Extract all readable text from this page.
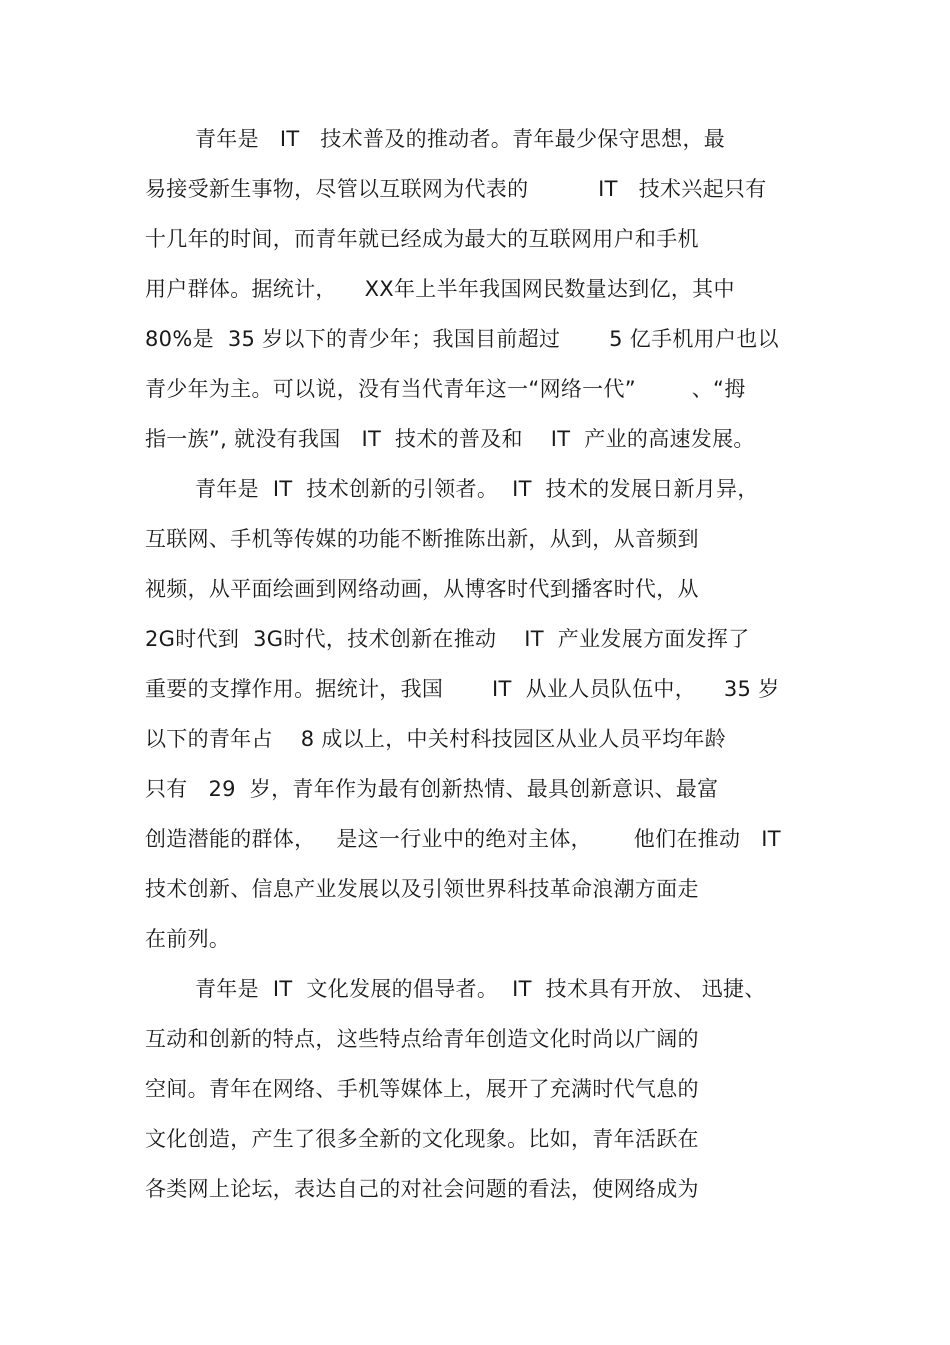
青年是   IT   技术普及的推动者。青年最少保守思想，最
易接受新生事物，尽管以互联网为代表的          IT   技术兴起只有
十几年的时间，而青年就已经成为最大的互联网用户和手机
用户群体。据统计，    XX年上半年我国网民数量达到亿，其中
80%是  35 岁以下的青少年；我国目前超过       5 亿手机用户也以
青少年为主。可以说，没有当代青年这一“网络一代”        、“拇
指一族”, 就没有我国   IT  技术的普及和    IT  产业的高速发展。
青年是  IT  技术创新的引领者。  IT  技术的发展日新月异，
互联网、手机等传媒的功能不断推陈出新，从到，从音频到
视频，从平面绘画到网络动画，从博客时代到播客时代，从
2G时代到  3G时代，技术创新在推动    IT  产业发展方面发挥了
重要的支撑作用。据统计，我国       IT  从业人员队伍中，    35 岁
以下的青年占    8 成以上，中关村科技园区从业人员平均年龄
只有   29  岁，青年作为最有创新热情、最具创新意识、最富
创造潜能的群体，   是这一行业中的绝对主体，      他们在推动   IT
技术创新、信息产业发展以及引领世界科技革命浪潮方面走
在前列。
青年是  IT  文化发展的倡导者。  IT  技术具有开放、 迅捷、
互动和创新的特点，这些特点给青年创造文化时尚以广阔的
空间。青年在网络、手机等媒体上，展开了充满时代气息的
文化创造，产生了很多全新的文化现象。比如，青年活跃在
各类网上论坛，表达自己的对社会问题的看法，使网络成为
